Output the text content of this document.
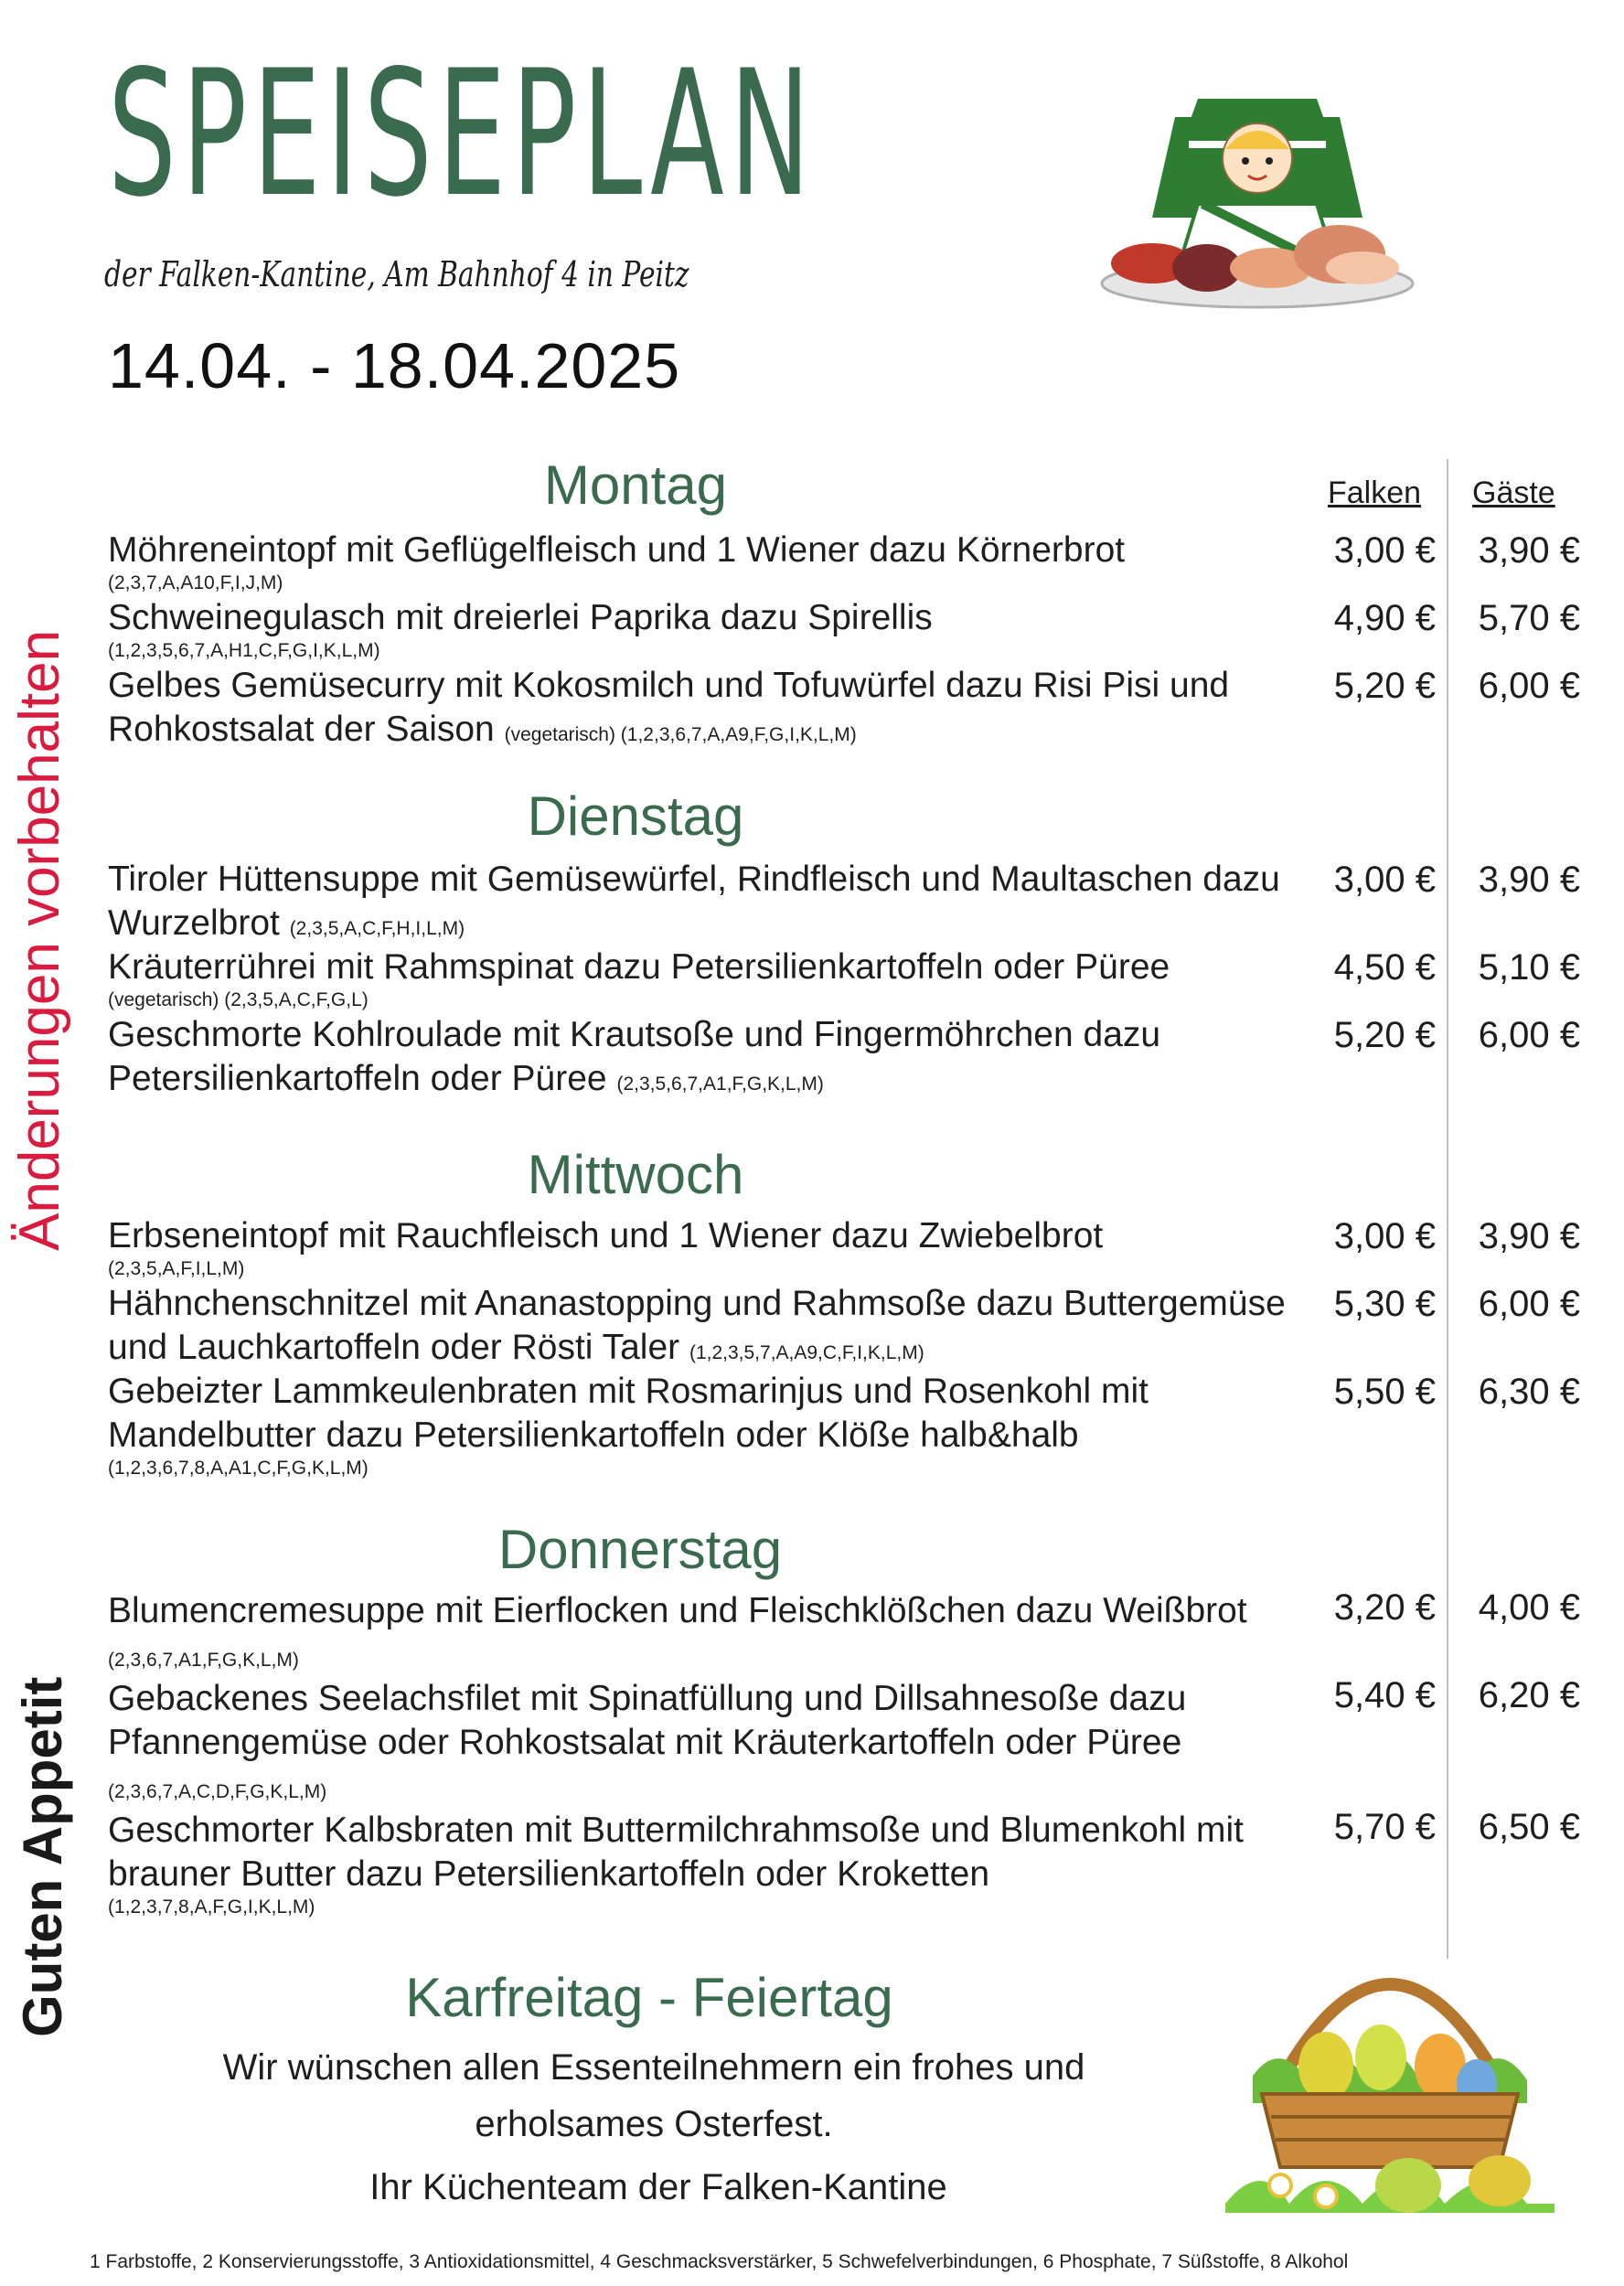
SPEISEPLAN
der Falken-Kantine, Am Bahnhof 4 in Peitz
14.04. - 18.04.2025
Änderungen vorbehalten
Guten Appetit
Falken Gäste
Montag
Möhreneintopf mit Geflügelfleisch und 1 Wiener dazu Körnerbrot
(2,3,7,A,A10,F,I,J,M)
3,00 €	3,90 €
Schweinegulasch mit dreierlei Paprika dazu Spirellis
(1,2,3,5,6,7,A,H1,C,F,G,I,K,L,M)
4,90 €	5,70 €
Gelbes Gemüsecurry mit Kokosmilch und Tofuwürfel dazu Risi Pisi und Rohkostsalat der Saison (vegetarisch) (1,2,3,6,7,A,A9,F,G,I,K,L,M)
5,20 €	6,00 €
Dienstag
Tiroler Hüttensuppe mit Gemüsewürfel, Rindfleisch und Maultaschen dazu Wurzelbrot (2,3,5,A,C,F,H,I,L,M)
3,00 €	3,90 €
Kräuterrührei mit Rahmspinat dazu Petersilienkartoffeln oder Püree
(vegetarisch) (2,3,5,A,C,F,G,L)
4,50 €	5,10 €
Geschmorte Kohlroulade mit Krautsoße und Fingermöhrchen dazu Petersilienkartoffeln oder Püree (2,3,5,6,7,A1,F,G,K,L,M)
5,20 €	6,00 €
Mittwoch
Erbseneintopf mit Rauchfleisch und 1 Wiener dazu Zwiebelbrot
(2,3,5,A,F,I,L,M)
3,00 €	3,90 €
Hähnchenschnitzel mit Ananastopping und Rahmsoße dazu Buttergemüse und Lauchkartoffeln oder Rösti Taler (1,2,3,5,7,A,A9,C,F,I,K,L,M)
5,30 €	6,00 €
Gebeizter Lammkeulenbraten mit Rosmarinjus und Rosenkohl mit Mandelbutter dazu Petersilienkartoffeln oder Klöße halb&halb
(1,2,3,6,7,8,A,A1,C,F,G,K,L,M)
5,50 €	6,30 €
Donnerstag
Blumencremesuppe mit Eierflocken und Fleischklößchen dazu Weißbrot (2,3,6,7,A1,F,G,K,L,M)
3,20 €	4,00 €
Gebackenes Seelachsfilet mit Spinatfüllung und Dillsahnesoße dazu Pfannengemüse oder Rohkostsalat mit Kräuterkartoffeln oder Püree (2,3,6,7,A,C,D,F,G,K,L,M)
5,40 €	6,20 €
Geschmorter Kalbsbraten mit Buttermilchrahmsoße und Blumenkohl mit brauner Butter dazu Petersilienkartoffeln oder Kroketten
(1,2,3,7,8,A,F,G,I,K,L,M)
5,70 €	6,50 €
Karfreitag - Feiertag
Wir wünschen allen Essenteilnehmern ein frohes und
erholsames Osterfest.
Ihr Küchenteam der Falken-Kantine
1 Farbstoffe, 2 Konservierungsstoffe, 3 Antioxidationsmittel, 4 Geschmacksverstärker, 5 Schwefelverbindungen, 6 Phosphate, 7 Süßstoffe, 8 Alkohol
